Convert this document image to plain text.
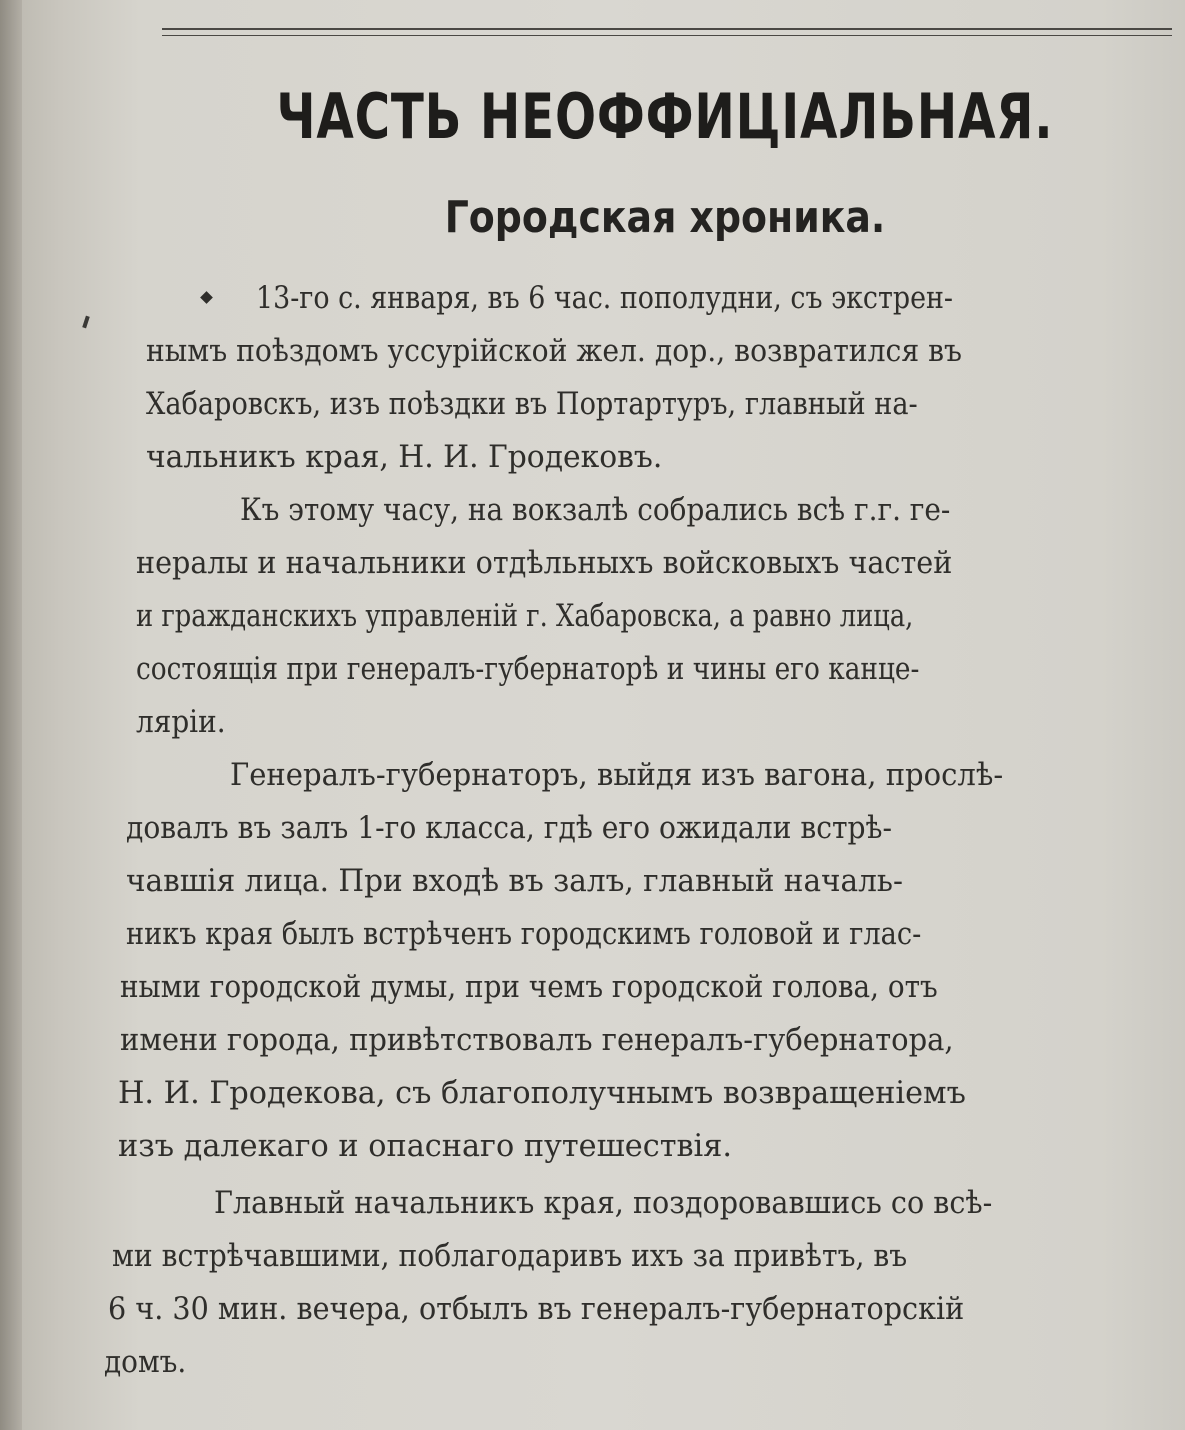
ЧАСТЬ НЕОФФИЦІАЛЬНАЯ.
Городская хроника.

13-го с. января, въ 6 час. пополудни, съ экстрен-

нымъ поѣздомъ уссурійской жел. дор., возвратился въ

Хабаровскъ, изъ поѣздки въ Портартуръ, главный на-

чальникъ края, Н. И. Гродековъ.

Къ этому часу, на вокзалѣ собрались всѣ г.г. ге-

нералы и начальники отдѣльныхъ войсковыхъ частей

и гражданскихъ управленій г. Хабаровска, а равно лица,

состоящія при генералъ-губернаторѣ и чины его канце-

ляріи.

Генералъ-губернаторъ, выйдя изъ вагона, прослѣ-

довалъ въ залъ 1-го класса, гдѣ его ожидали встрѣ-

чавшія лица. При входѣ въ залъ, главный началь-

никъ края былъ встрѣченъ городскимъ головой и глас-

ными городской думы, при чемъ городской голова, отъ

имени города, привѣтствовалъ генералъ-губернатора,

Н. И. Гродекова, съ благополучнымъ возвращеніемъ

изъ далекаго и опаснаго путешествія.

Главный начальникъ края, поздоровавшись со всѣ-

ми встрѣчавшими, поблагодаривъ ихъ за привѣтъ, въ

6 ч. 30 мин. вечера, отбылъ въ генералъ-губернаторскій

домъ.
